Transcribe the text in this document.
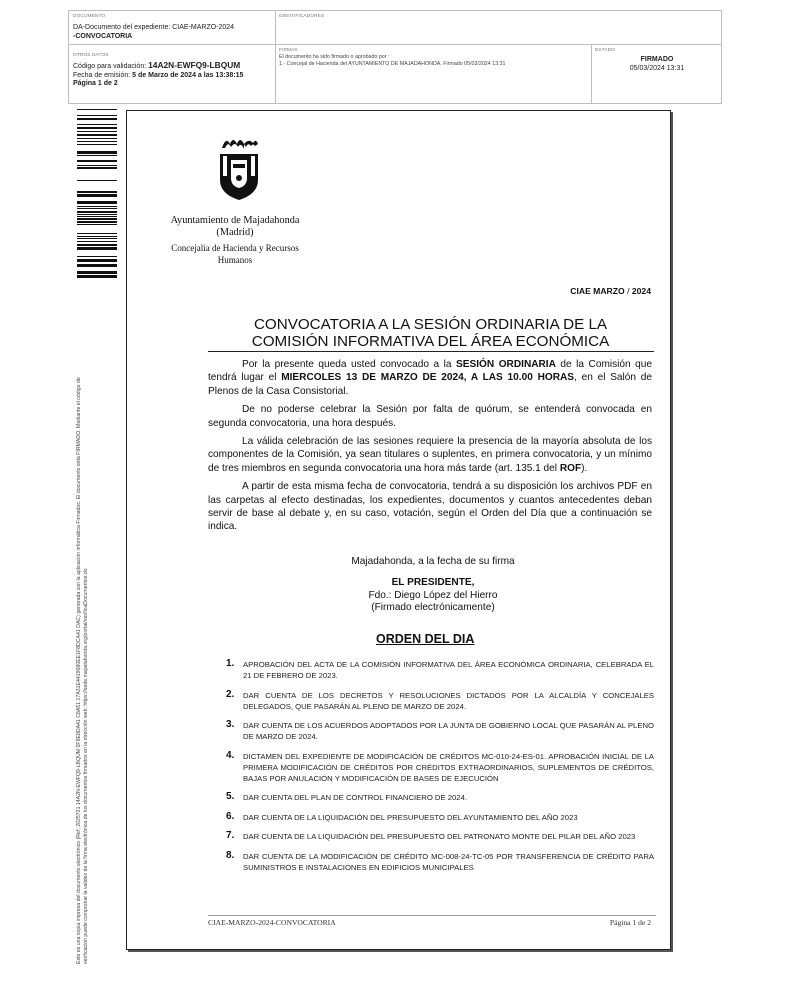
DOCUMENTO
DA-Documento del expediente: CIAE-MARZO-2024
-CONVOCATORIA
IDENTIFICADORES
OTROS DATOS
Código para validación: 14A2N-EWFQ9-LBQUM
Fecha de emisión: 5 de Marzo de 2024 a las 13:38:15
Página 1 de 2
FIRMAS
El documento ha sido firmado o aprobado por :
1.- Concejal de Hacienda del AYUNTAMIENTO DE MAJADAHONDA. Firmado 05/03/2024 13:31
ESTADO
FIRMADO
05/03/2024 13:31
Este es una copia impresa del documento electrónico (Ref: 2025721 14A2N-EWFQ9-LBQUM 0F9E8DA41 C8A51 17A31E4419680EE1F8DCA41 DAC) generada con la aplicación informática Firmadoc. El documento está FIRMADO. Mediante el código de verificación puede comprobar la validez de la firma electrónica de los documentos firmados en la dirección web: https://sede.majadahonda.org/portal/verificaDocumentos.do
Ayuntamiento de Majadahonda
(Madrid)
Concejalía de Hacienda y Recursos
Humanos
CIAE MARZO / 2024
CONVOCATORIA A LA SESIÓN ORDINARIA DE LA
COMISIÓN INFORMATIVA DEL ÁREA ECONÓMICA

Por la presente queda usted convocado a la SESIÓN ORDINARIA de la Comisión que tendrá lugar el MIERCOLES 13 DE MARZO DE 2024, A LAS 10.00 HORAS, en el Salón de Plenos de la Casa Consistorial.

De no poderse celebrar la Sesión por falta de quórum, se entenderá convocada en segunda convocatoria, una hora después.

La válida celebración de las sesiones requiere la presencia de la mayoría absoluta de los componentes de la Comisión, ya sean titulares o suplentes, en primera convocatoria, y un mínimo de tres miembros en segunda convocatoria una hora más tarde (art. 135.1 del ROF).

A partir de esta misma fecha de convocatoria, tendrá a su disposición los archivos PDF en las carpetas al efecto destinadas, los expedientes, documentos y cuantos antecedentes deban servir de base al debate y, en su caso, votación, según el Orden del Día que a continuación se indica.

Majadahonda, a la fecha de su firma
EL PRESIDENTE,
Fdo.: Diego López del Hierro
(Firmado electrónicamente)
ORDEN DEL DIA
1. APROBACIÓN DEL ACTA DE LA COMISIÓN INFORMATIVA DEL ÁREA ECONÓMICA ORDINARIA, CELEBRADA EL 21 DE FEBRERO DE 2023.
2. DAR CUENTA DE LOS DECRETOS Y RESOLUCIONES DICTADOS POR LA ALCALDÍA Y CONCEJALES DELEGADOS, QUE PASARÁN AL PLENO DE MARZO DE 2024.
3. DAR CUENTA DE LOS ACUERDOS ADOPTADOS POR LA JUNTA DE GOBIERNO LOCAL QUE PASARÁN AL PLENO DE MARZO DE 2024.
4. DICTAMEN DEL EXPEDIENTE DE MODIFICACIÓN DE CRÉDITOS MC-010-24-ES-01. APROBACIÓN INICIAL DE LA PRIMERA MODIFICACIÓN DE CRÉDITOS POR CRÉDITOS EXTRAORDINARIOS, SUPLEMENTOS DE CRÉDITOS, BAJAS POR ANULACIÓN Y MODIFICACIÓN DE BASES DE EJECUCIÓN
5. DAR CUENTA DEL PLAN DE CONTROL FINANCIERO DE 2024.
6. DAR CUENTA DE LA LIQUIDACIÓN DEL PRESUPUESTO DEL AYUNTAMIENTO DEL AÑO 2023
7. DAR CUENTA DE LA LIQUIDACIÓN DEL PRESUPUESTO DEL PATRONATO MONTE DEL PILAR DEL AÑO 2023
8. DAR CUENTA DE LA MODIFICACIÓN DE CRÉDITO MC-008-24-TC-05 POR TRANSFERENCIA DE CRÉDITO PARA SUMINISTROS E INSTALACIONES EN EDIFICIOS MUNICIPALES
CIAE-MARZO-2024-CONVOCATORIA	Página 1 de 2
